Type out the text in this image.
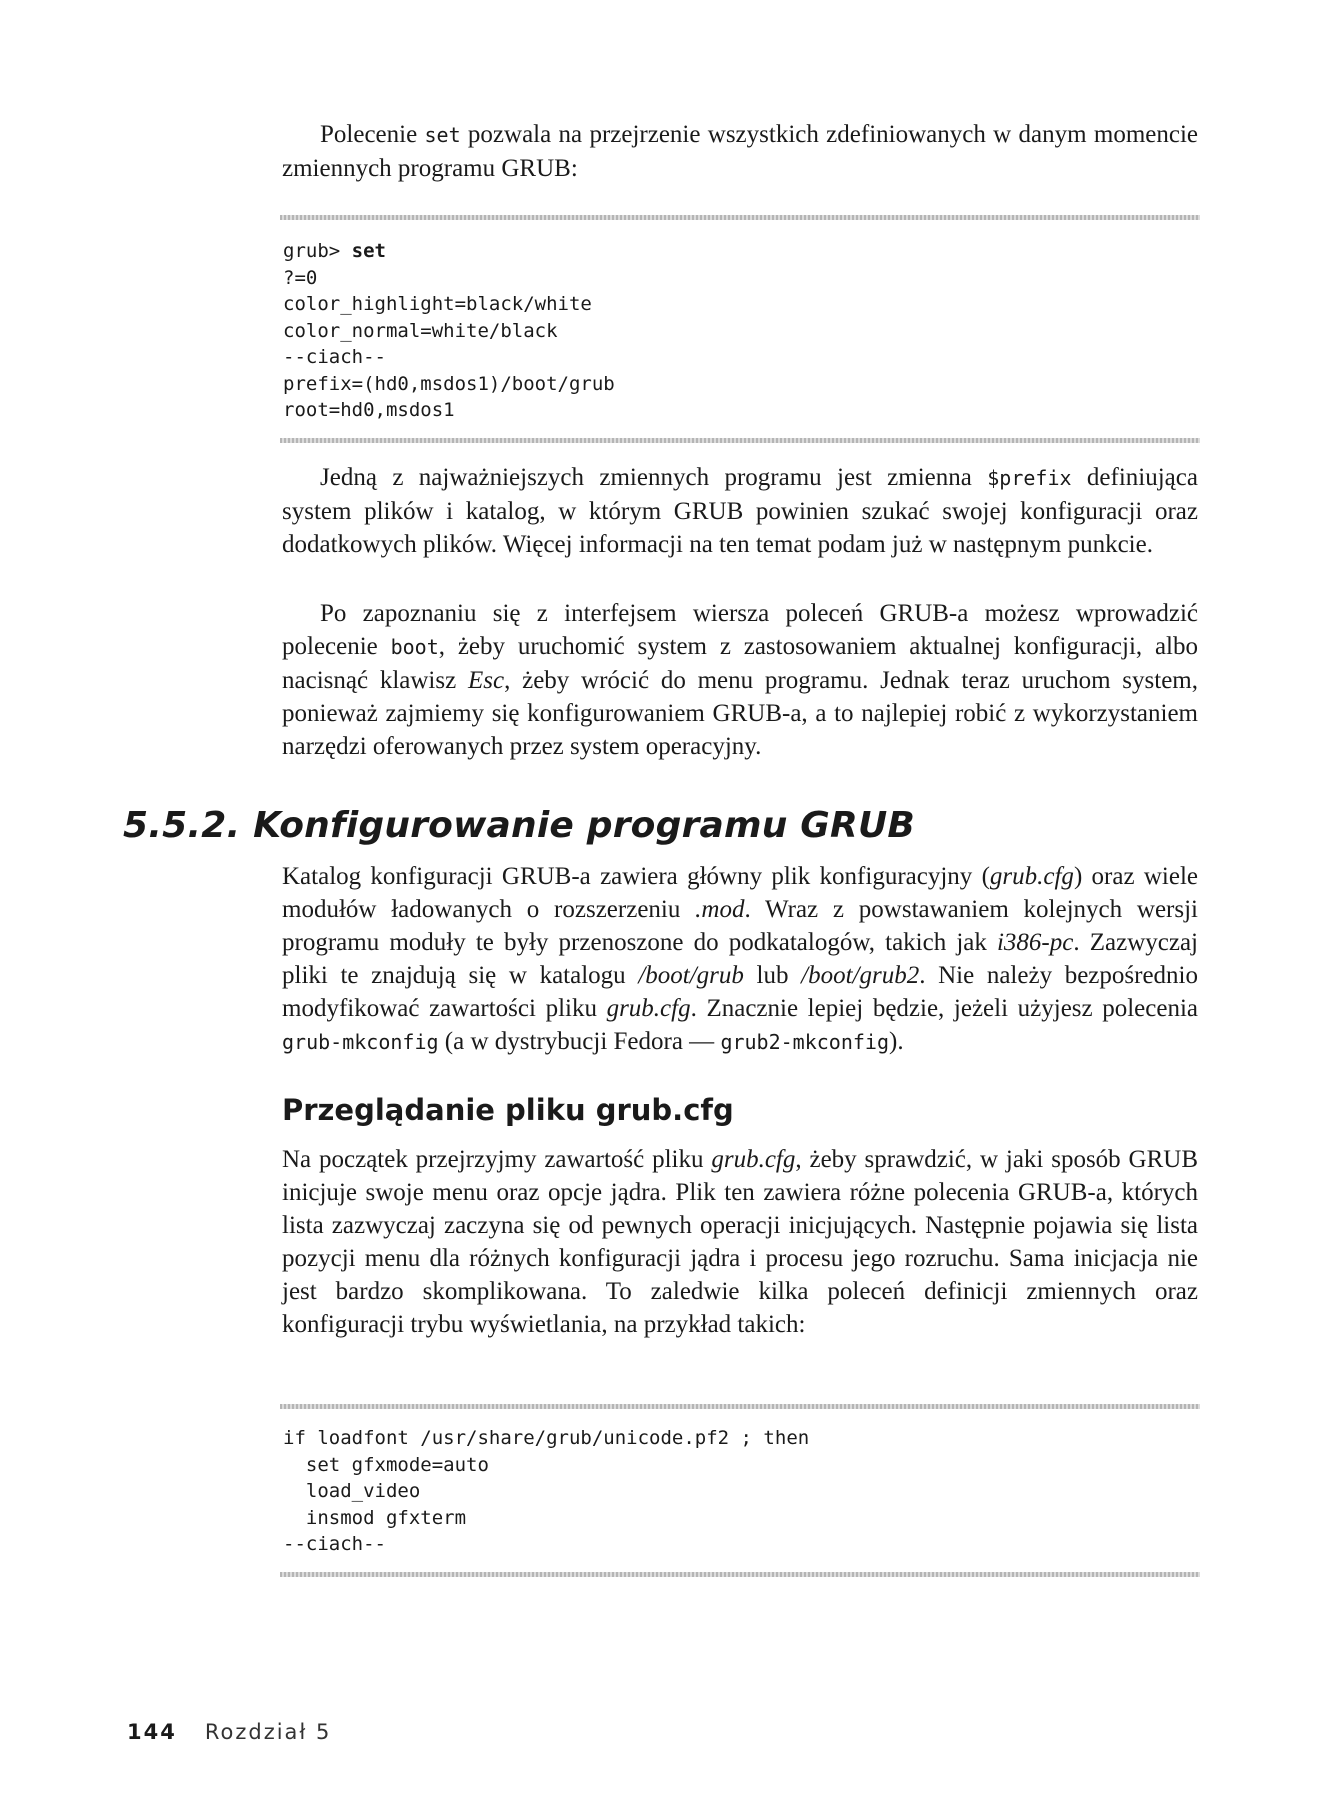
Polecenie set pozwala na przejrzenie wszystkich zdefiniowanych w danym momencie zmiennych programu GRUB:

grub> set
?=0
color_highlight=black/white
color_normal=white/black
--ciach--
prefix=(hd0,msdos1)/boot/grub
root=hd0,msdos1

Jedną z najważniejszych zmiennych programu jest zmienna $prefix definiująca system plików i katalog, w którym GRUB powinien szukać swojej konfiguracji oraz dodatkowych plików. Więcej informacji na ten temat podam już w następnym punkcie.

Po zapoznaniu się z interfejsem wiersza poleceń GRUB-a możesz wprowadzić polecenie boot, żeby uruchomić system z zastosowaniem aktualnej konfiguracji, albo nacisnąć klawisz Esc, żeby wrócić do menu programu. Jednak teraz uruchom system, ponieważ zajmiemy się konfigurowaniem GRUB-a, a to najlepiej robić z wykorzystaniem narzędzi oferowanych przez system operacyjny.

5.5.2. Konfigurowanie programu GRUB

Katalog konfiguracji GRUB-a zawiera główny plik konfiguracyjny (grub.cfg) oraz wiele modułów ładowanych o rozszerzeniu .mod. Wraz z powstawaniem kolejnych wersji programu moduły te były przenoszone do podkatalogów, takich jak i386-pc. Zazwyczaj pliki te znajdują się w katalogu /boot/grub lub /boot/grub2. Nie należy bezpośrednio modyfikować zawartości pliku grub.cfg. Znacznie lepiej będzie, jeżeli użyjesz polecenia grub-mkconfig (a w dystrybucji Fedora — grub2-mkconfig).

Przeglądanie pliku grub.cfg

Na początek przejrzyjmy zawartość pliku grub.cfg, żeby sprawdzić, w jaki sposób GRUB inicjuje swoje menu oraz opcje jądra. Plik ten zawiera różne polecenia GRUB-a, których lista zazwyczaj zaczyna się od pewnych operacji inicjujących. Następnie pojawia się lista pozycji menu dla różnych konfiguracji jądra i procesu jego rozruchu. Sama inicjacja nie jest bardzo skomplikowana. To zaledwie kilka poleceń definicji zmiennych oraz konfiguracji trybu wyświetlania, na przykład takich:

if loadfont /usr/share/grub/unicode.pf2 ; then
set gfxmode=auto
load_video
insmod gfxterm
--ciach--
144 Rozdział 5
